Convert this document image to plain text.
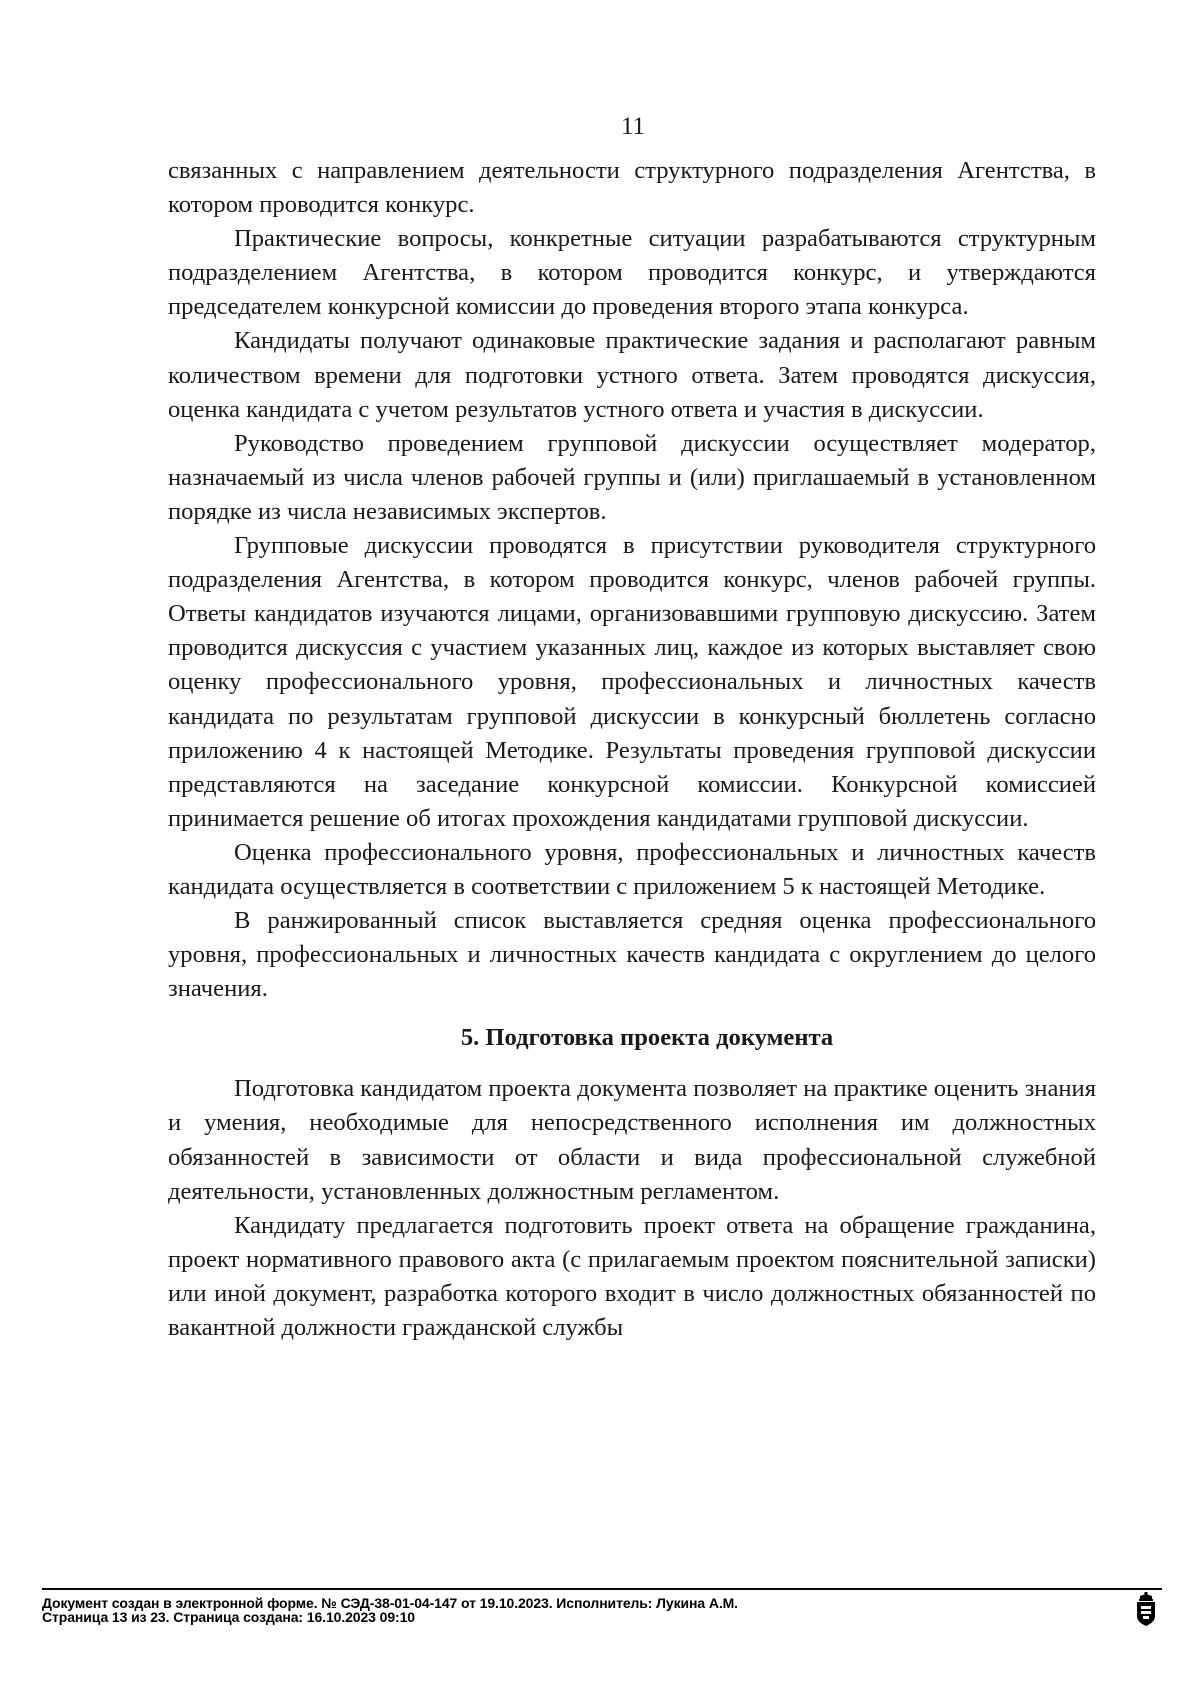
11

связанных с направлением деятельности структурного подразделения Агентства, в котором проводится конкурс.

Практические вопросы, конкретные ситуации разрабатываются структурным подразделением Агентства, в котором проводится конкурс, и утверждаются председателем конкурсной комиссии до проведения второго этапа конкурса.

Кандидаты получают одинаковые практические задания и располагают равным количеством времени для подготовки устного ответа. Затем проводятся дискуссия, оценка кандидата с учетом результатов устного ответа и участия в дискуссии.

Руководство проведением групповой дискуссии осуществляет модератор, назначаемый из числа членов рабочей группы и (или) приглашаемый в установленном порядке из числа независимых экспертов.

Групповые дискуссии проводятся в присутствии руководителя структурного подразделения Агентства, в котором проводится конкурс, членов рабочей группы. Ответы кандидатов изучаются лицами, организовавшими групповую дискуссию. Затем проводится дискуссия с участием указанных лиц, каждое из которых выставляет свою оценку профессионального уровня, профессиональных и личностных качеств кандидата по результатам групповой дискуссии в конкурсный бюллетень согласно приложению 4 к настоящей Методике. Результаты проведения групповой дискуссии представляются на заседание конкурсной комиссии. Конкурсной комиссией принимается решение об итогах прохождения кандидатами групповой дискуссии.

Оценка профессионального уровня, профессиональных и личностных качеств кандидата осуществляется в соответствии с приложением 5 к настоящей Методике.

В ранжированный список выставляется средняя оценка профессионального уровня, профессиональных и личностных качеств кандидата с округлением до целого значения.

5. Подготовка проекта документа

Подготовка кандидатом проекта документа позволяет на практике оценить знания и умения, необходимые для непосредственного исполнения им должностных обязанностей в зависимости от области и вида профессиональной служебной деятельности, установленных должностным регламентом.

Кандидату предлагается подготовить проект ответа на обращение гражданина, проект нормативного правового акта (с прилагаемым проектом пояснительной записки) или иной документ, разработка которого входит в число должностных обязанностей по вакантной должности гражданской службы

Документ создан в электронной форме. № СЭД-38-01-04-147 от 19.10.2023. Исполнитель: Лукина А.М.
Страница 13 из 23. Страница создана: 16.10.2023 09:10
